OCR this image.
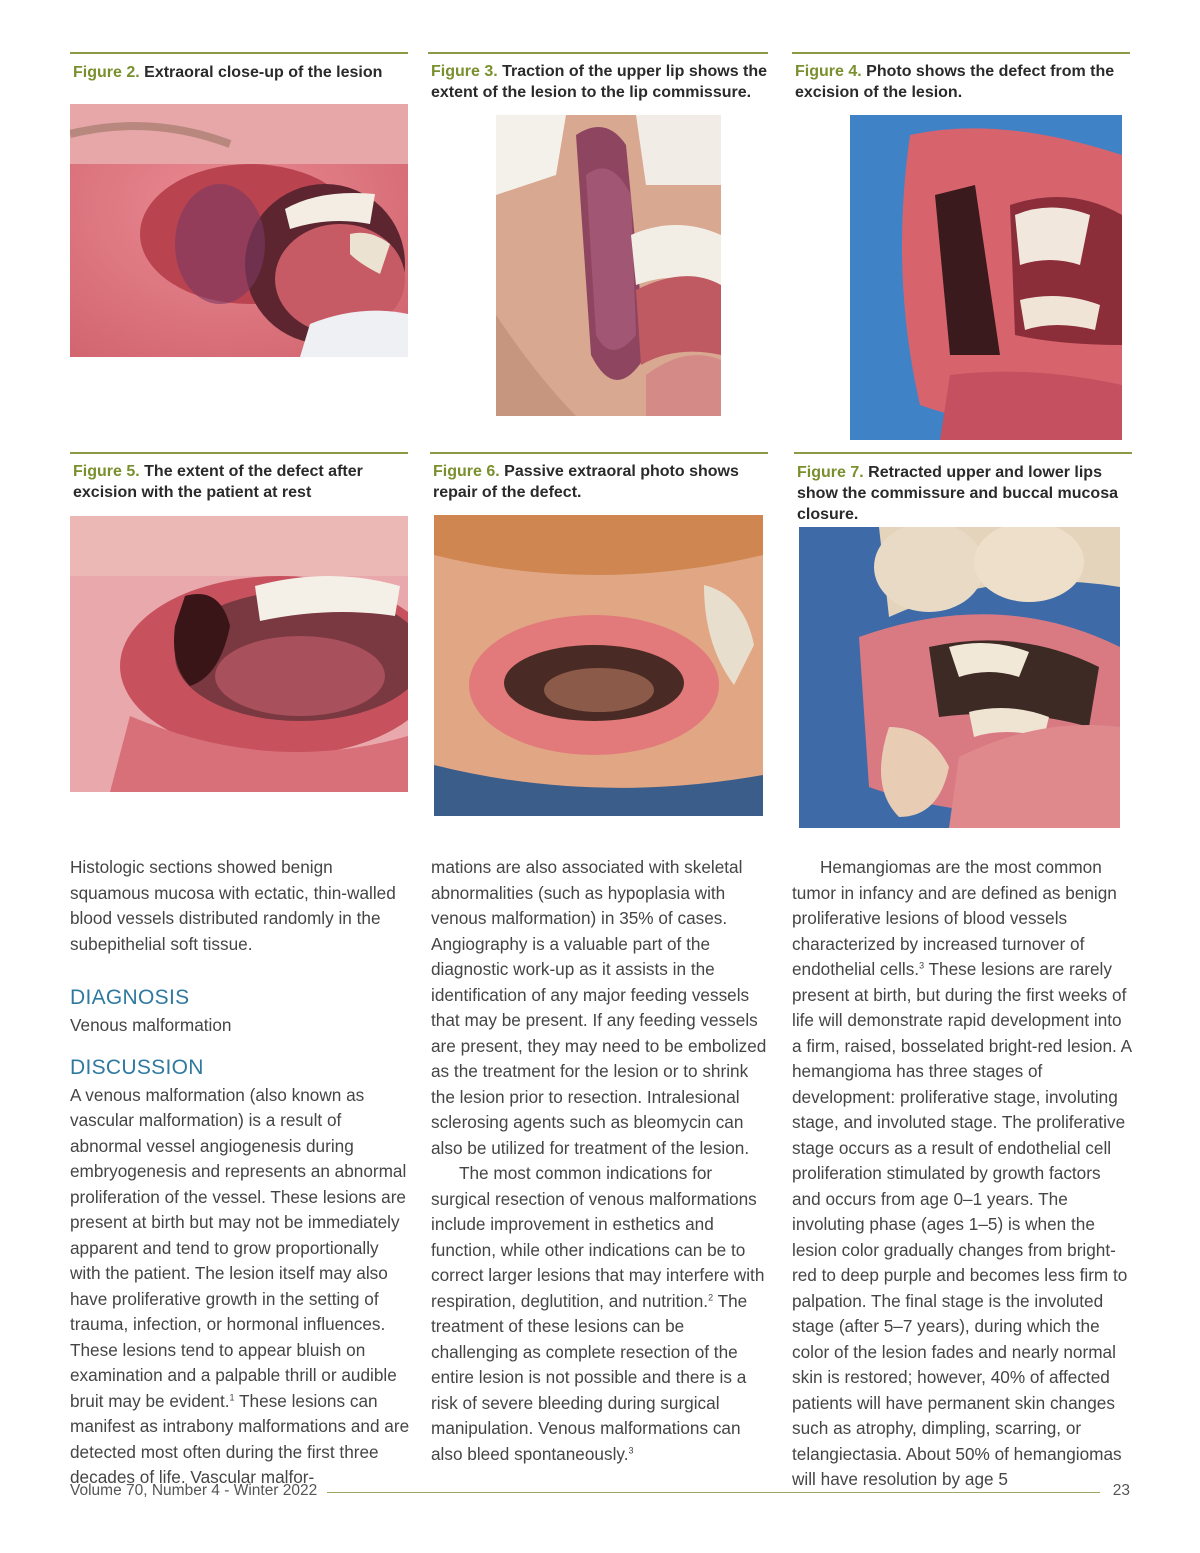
Figure 2. Extraoral close-up of the lesion	Figure 3. Traction of the upper lip shows the extent of the lesion to the lip commissure.
Figure 4. Photo shows the defect from the excision of the lesion.
Figure 5. The extent of the defect after excision with the patient at rest
Figure 6. Passive extraoral photo shows repair of the defect.
Figure 7. Retracted upper and lower lips show the commissure and buccal mucosa closure.

Histologic sections showed benign squamous mucosa with ectatic, thin-walled blood vessels distributed randomly in the subepithelial soft tissue.

DIAGNOSIS

Venous malformation

DISCUSSION

A venous malformation (also known as vascular malformation) is a result of abnormal vessel angiogenesis during embryogenesis and represents an abnormal proliferation of the vessel. These lesions are present at birth but may not be immediately apparent and tend to grow proportionally with the patient. The lesion itself may also have proliferative growth in the setting of trauma, infection, or hormonal influences. These lesions tend to appear bluish on examination and a palpable thrill or audible bruit may be evident.$^1$ These lesions can manifest as intrabony malformations and are detected most often during the first three decades of life. Vascular malfor-

mations are also associated with skeletal abnormalities (such as hypoplasia with venous malformation) in 35% of cases. Angiography is a valuable part of the diagnostic work-up as it assists in the identification of any major feeding vessels that may be present. If any feeding vessels are present, they may need to be embolized as the treatment for the lesion or to shrink the lesion prior to resection. Intralesional sclerosing agents such as bleomycin can also be utilized for treatment of the lesion.

The most common indications for surgical resection of venous malformations include improvement in esthetics and function, while other indications can be to correct larger lesions that may interfere with respiration, deglutition, and nutrition.$^2$ The treatment of these lesions can be challenging as complete resection of the entire lesion is not possible and there is a risk of severe bleeding during surgical manipulation. Venous malformations can also bleed spontaneously.$^3$

Hemangiomas are the most common tumor in infancy and are defined as benign proliferative lesions of blood vessels characterized by increased turnover of endothelial cells.$^3$ These lesions are rarely present at birth, but during the first weeks of life will demonstrate rapid development into a firm, raised, bosselated bright-red lesion. A hemangioma has three stages of development: proliferative stage, involuting stage, and involuted stage. The proliferative stage occurs as a result of endothelial cell proliferation stimulated by growth factors and occurs from age 0–1 years. The involuting phase (ages 1–5) is when the lesion color gradually changes from bright-red to deep purple and becomes less firm to palpation. The final stage is the involuted stage (after 5–7 years), during which the color of the lesion fades and nearly normal skin is restored; however, 40% of affected patients will have permanent skin changes such as atrophy, dimpling, scarring, or telangiectasia. About 50% of hemangiomas will have resolution by age 5

Volume 70, Number 4 - Winter 2022	23
